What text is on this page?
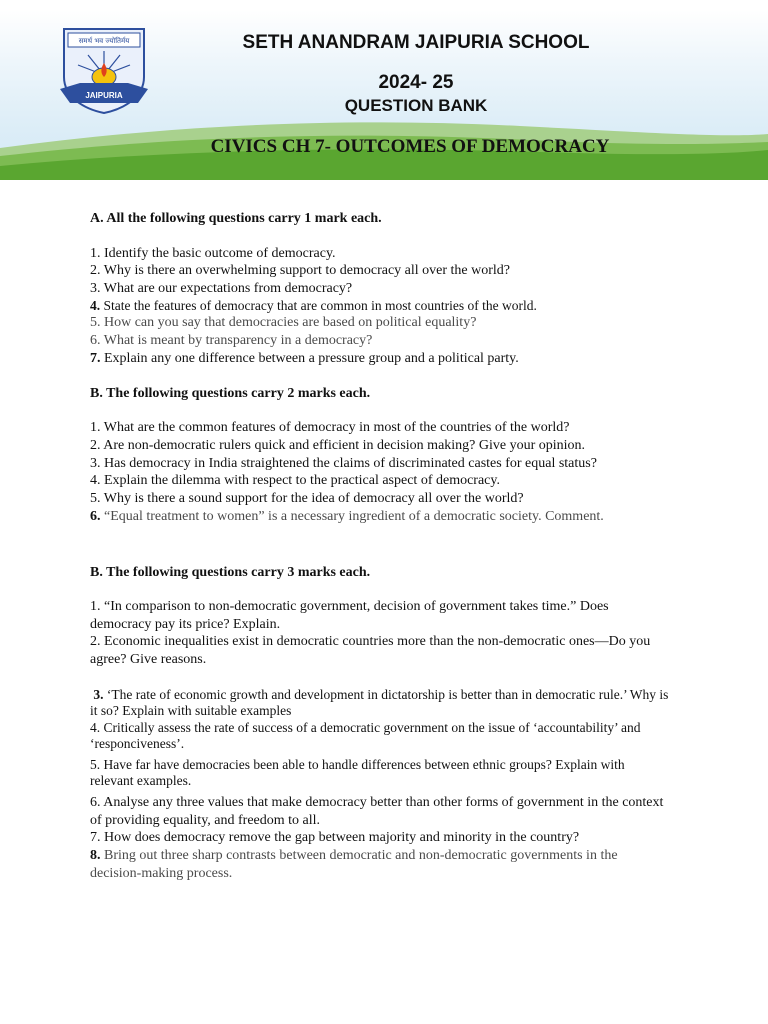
समर्थ भव ज्योतिर्मय
JAIPURIA
SETH ANANDRAM JAIPURIA SCHOOL
2024- 25
QUESTION BANK
CIVICS CH 7- OUTCOMES OF DEMOCRACY

A. All the following questions carry 1 mark each.

1. Identify the basic outcome of democracy.

2. Why is there an overwhelming support to democracy all over the world?

3. What are our expectations from democracy?

4. State the features of democracy that are common in most countries of the world.

5. How can you say that democracies are based on political equality?

6. What is meant by transparency in a democracy?

7. Explain any one difference between a pressure group and a political party.

B. The following questions carry 2 marks each.

1. What are the common features of democracy in most of the countries of the world?

2. Are non-democratic rulers quick and efficient in decision making? Give your opinion.

3. Has democracy in India straightened the claims of discriminated castes for equal status?

4. Explain the dilemma with respect to the practical aspect of democracy.

5. Why is there a sound support for the idea of democracy all over the world?

6. “Equal treatment to women” is a necessary ingredient of a democratic society. Comment.

B. The following questions carry 3 marks each.

1. “In comparison to non-democratic government, decision of government takes time.” Does democracy pay its price? Explain.

2. Economic inequalities exist in democratic countries more than the non-democratic ones—Do you agree? Give reasons.

3. ‘The rate of economic growth and development in dictatorship is better than in democratic rule.’ Why is it so? Explain with suitable examples

4. Critically assess the rate of success of a democratic government on the issue of ‘accountability’ and ‘responciveness’.

5. Have far have democracies been able to handle differences between ethnic groups? Explain with relevant examples.

6. Analyse any three values that make democracy better than other forms of government in the context of providing equality, and freedom to all.

7. How does democracy remove the gap between majority and minority in the country?

8. Bring out three sharp contrasts between democratic and non-democratic governments in the decision-making process.
